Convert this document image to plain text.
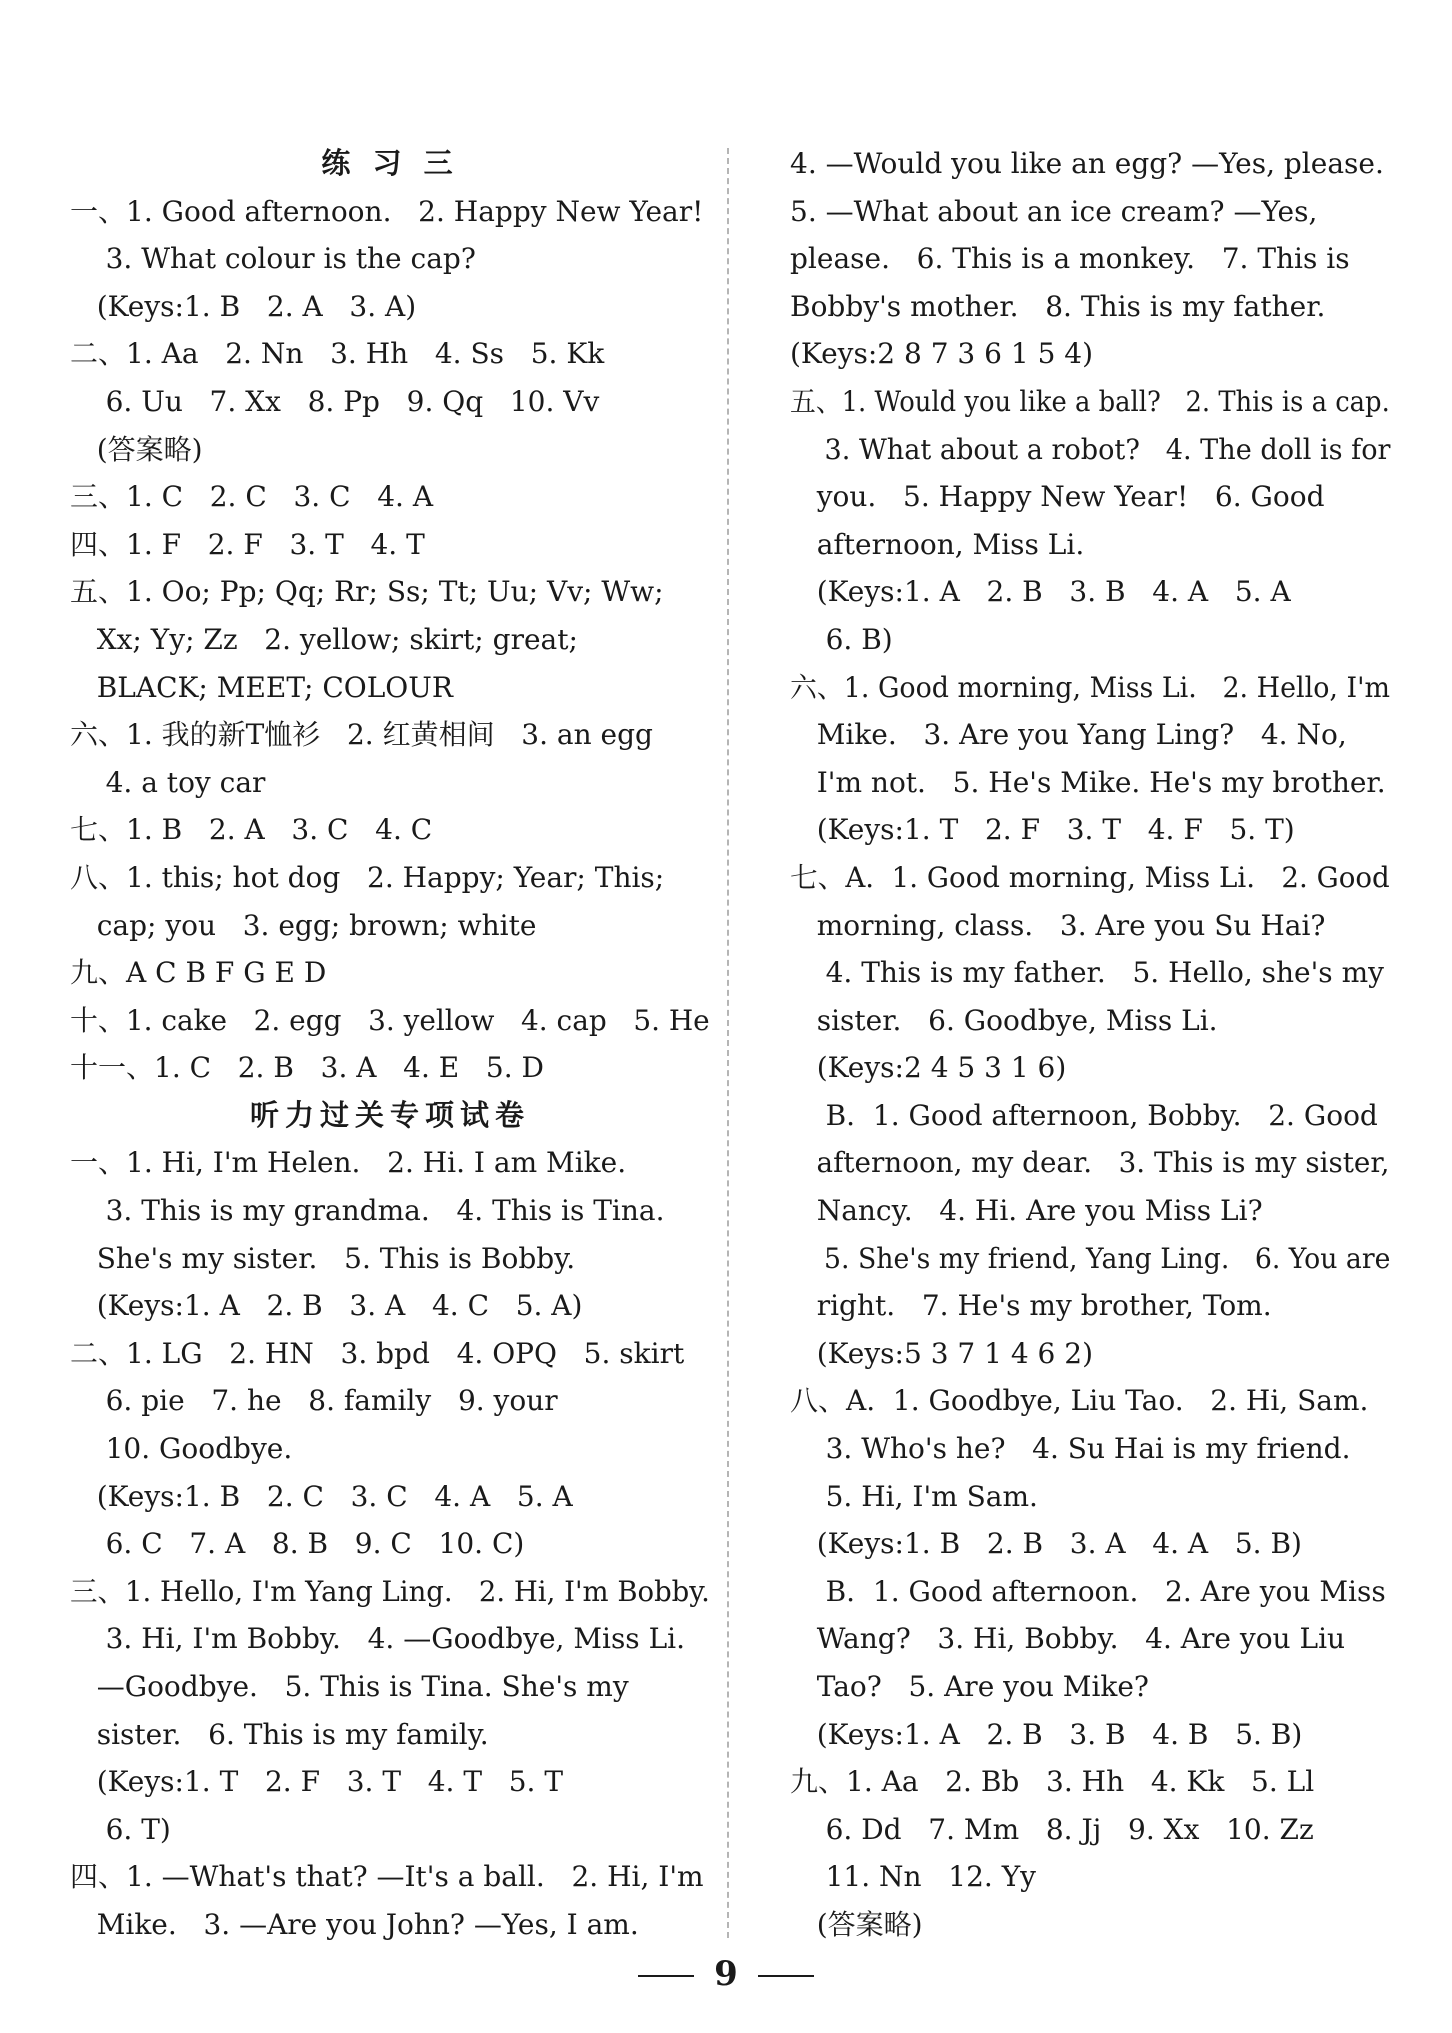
练 习 三
一、1. Good afternoon.   2. Happy New Year!
3. What colour is the cap?
(Keys:1. B   2. A   3. A)
二、1. Aa   2. Nn   3. Hh   4. Ss   5. Kk
6. Uu   7. Xx   8. Pp   9. Qq   10. Vv
(答案略)
三、1. C   2. C   3. C   4. A
四、1. F   2. F   3. T   4. T
五、1. Oo; Pp; Qq; Rr; Ss; Tt; Uu; Vv; Ww;
Xx; Yy; Zz   2. yellow; skirt; great;
BLACK; MEET; COLOUR
六、1. 我的新T恤衫   2. 红黄相间   3. an egg
4. a toy car
七、1. B   2. A   3. C   4. C
八、1. this; hot dog   2. Happy; Year; This;
cap; you   3. egg; brown; white
九、A C B F G E D
十、1. cake   2. egg   3. yellow   4. cap   5. He
十一、1. C   2. B   3. A   4. E   5. D
听力过关专项试卷
一、1. Hi, I'm Helen.   2. Hi. I am Mike.
3. This is my grandma.   4. This is Tina.
She's my sister.   5. This is Bobby.
(Keys:1. A   2. B   3. A   4. C   5. A)
二、1. LG   2. HN   3. bpd   4. OPQ   5. skirt
6. pie   7. he   8. family   9. your
10. Goodbye.
(Keys:1. B   2. C   3. C   4. A   5. A
6. C   7. A   8. B   9. C   10. C)
三、1. Hello, I'm Yang Ling.   2. Hi, I'm Bobby.
3. Hi, I'm Bobby.   4. —Goodbye, Miss Li.
—Goodbye.   5. This is Tina. She's my
sister.   6. This is my family.
(Keys:1. T   2. F   3. T   4. T   5. T
6. T)
四、1. —What's that? —It's a ball.   2. Hi, I'm
Mike.   3. —Are you John? —Yes, I am.
4. —Would you like an egg? —Yes, please.
5. —What about an ice cream? —Yes,
please.   6. This is a monkey.   7. This is
Bobby's mother.   8. This is my father.
(Keys:2 8 7 3 6 1 5 4)
五、1. Would you like a ball?   2. This is a cap.
3. What about a robot?   4. The doll is for
you.   5. Happy New Year!   6. Good
afternoon, Miss Li.
(Keys:1. A   2. B   3. B   4. A   5. A
6. B)
六、1. Good morning, Miss Li.   2. Hello, I'm
Mike.   3. Are you Yang Ling?   4. No,
I'm not.   5. He's Mike. He's my brother.
(Keys:1. T   2. F   3. T   4. F   5. T)
七、A.  1. Good morning, Miss Li.   2. Good
morning, class.   3. Are you Su Hai?
4. This is my father.   5. Hello, she's my
sister.   6. Goodbye, Miss Li.
(Keys:2 4 5 3 1 6)
B.  1. Good afternoon, Bobby.   2. Good
afternoon, my dear.   3. This is my sister,
Nancy.   4. Hi. Are you Miss Li?
5. She's my friend, Yang Ling.   6. You are
right.   7. He's my brother, Tom.
(Keys:5 3 7 1 4 6 2)
八、A.  1. Goodbye, Liu Tao.   2. Hi, Sam.
3. Who's he?   4. Su Hai is my friend.
5. Hi, I'm Sam.
(Keys:1. B   2. B   3. A   4. A   5. B)
B.  1. Good afternoon.   2. Are you Miss
Wang?   3. Hi, Bobby.   4. Are you Liu
Tao?   5. Are you Mike?
(Keys:1. A   2. B   3. B   4. B   5. B)
九、1. Aa   2. Bb   3. Hh   4. Kk   5. Ll
6. Dd   7. Mm   8. Jj   9. Xx   10. Zz
11. Nn   12. Yy
(答案略)
9
